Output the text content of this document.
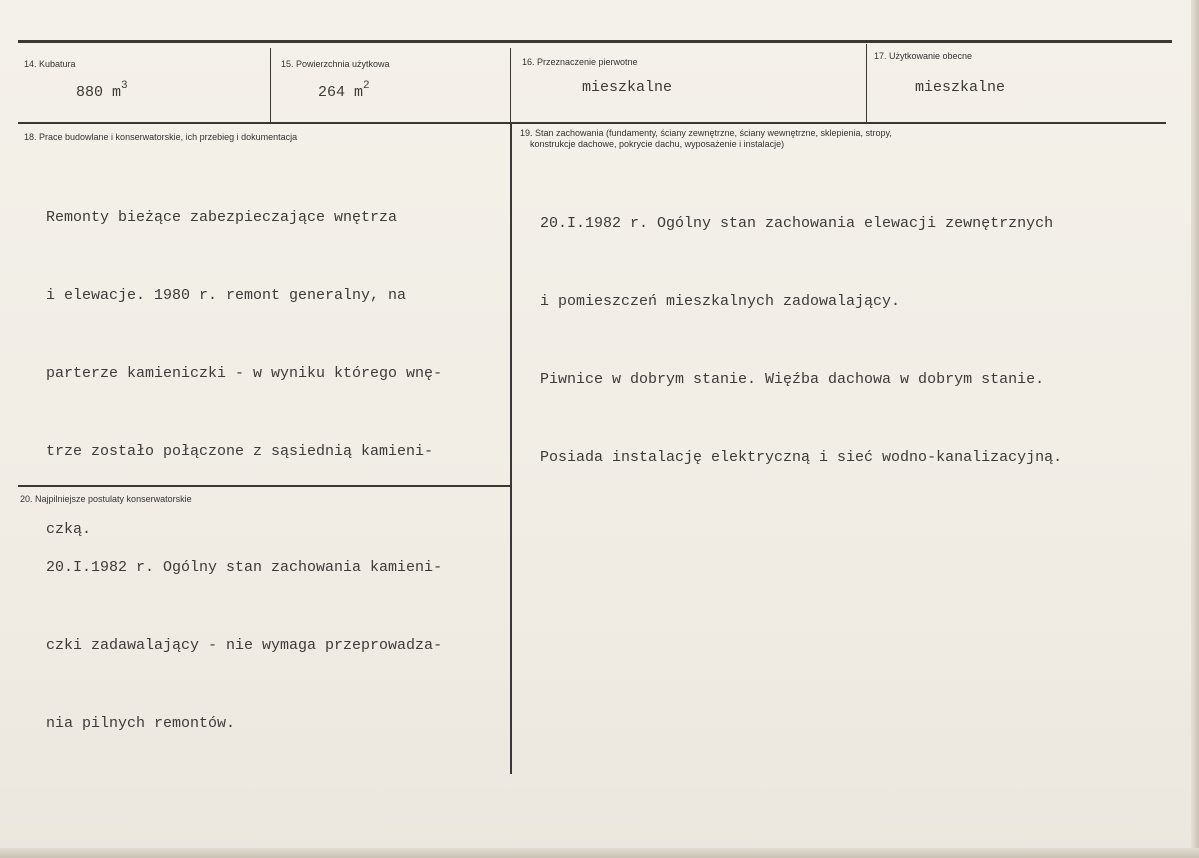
14. Kubatura
880 $m^3$
15. Powierzchnia użytkowa
264 $m^2$
16. Przeznaczenie pierwotne
mieszkalne
17. Użytkowanie obecne
mieszkalne
18. Prace budowlane i konserwatorskie, ich przebieg i dokumentacja

Remonty bieżące zabezpieczające wnętrza

i elewacje. 1980 r. remont generalny, na

parterze kamieniczki - w wyniku którego wnę-

trze zostało połączone z sąsiednią kamieni-

czką.

19. Stan zachowania (fundamenty, ściany zewnętrzne, ściany wewnętrzne, sklepienia, stropy,
konstrukcje dachowe, pokrycie dachu, wyposażenie i instalacje)

20.I.1982 r. Ogólny stan zachowania elewacji zewnętrznych

i pomieszczeń mieszkalnych zadowalający.

Piwnice w dobrym stanie. Więźba dachowa w dobrym stanie.

Posiada instalację elektryczną i sieć wodno-kanalizacyjną.

20. Najpilniejsze postulaty konserwatorskie

20.I.1982 r. Ogólny stan zachowania kamieni-

czki zadawalający - nie wymaga przeprowadza-

nia pilnych remontów.
